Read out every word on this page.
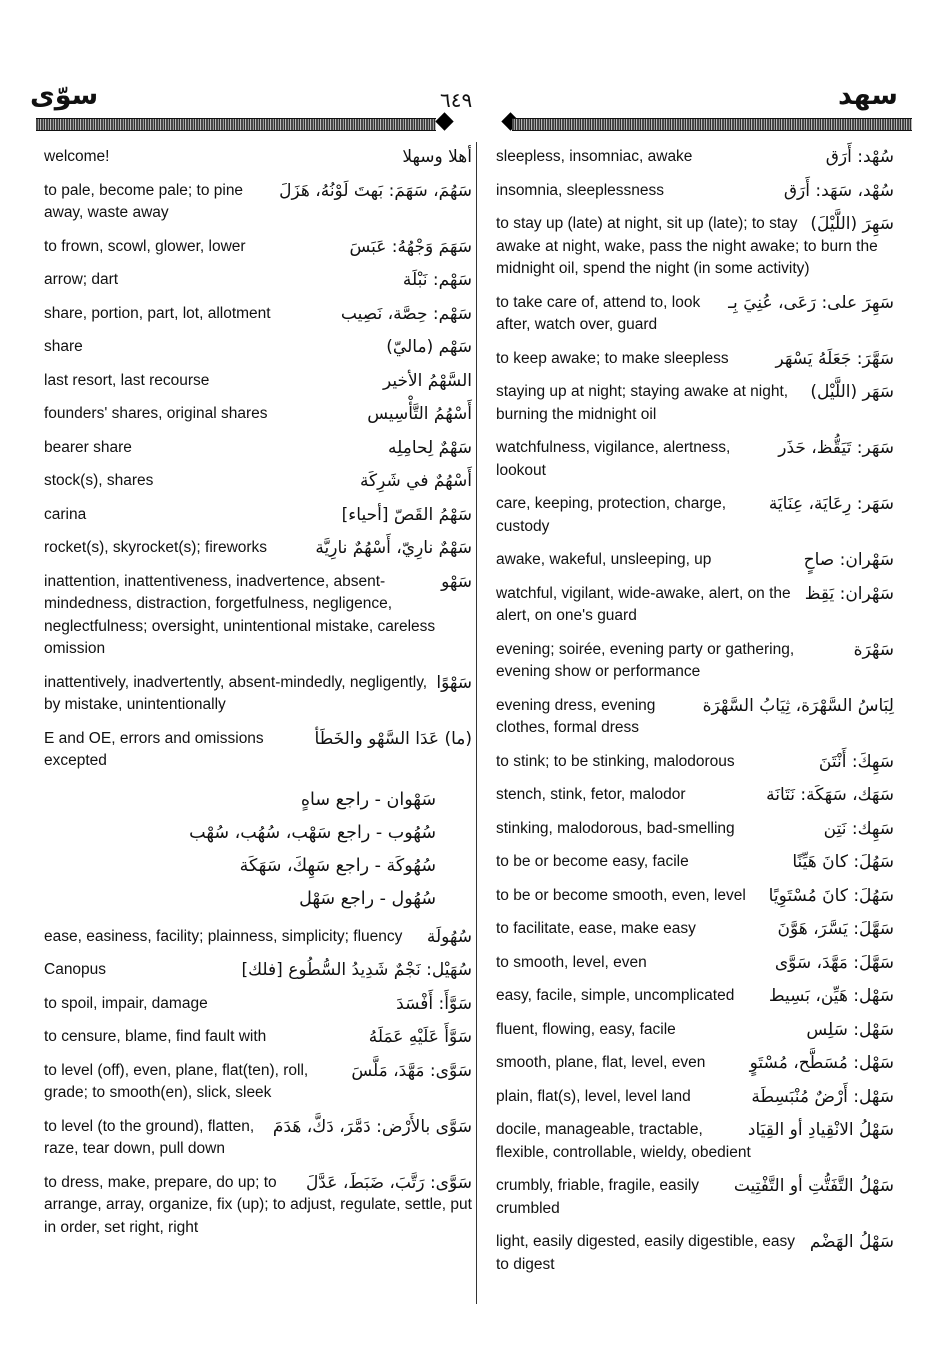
سوّى	٦٤٩	سهد
أهلا وسهلا
welcome!
سَهُمَ، سَهَمَ: بَهتَ لَوْنُهُ، هَزَلَ
to pale, become pale; to pine away, waste away
سَهَمَ وَجْهُهُ: عَبَسَ
to frown, scowl, glower, lower
سَهْم: نَبْلَة
arrow; dart
سَهْم: حِصَّة، نَصِيب
share, portion, part, lot, allotment
سَهْم (ماليّ)
share
السَّهْمُ الأخير
last resort, last recourse
أَسْهُمُ التَّأْسِيس
founders' shares, original shares
سَهْمٌ لِحامِلِه
bearer share
أَسْهُمٌ في شَرِكَة
stock(s), shares
سَهْمُ القَصّ [أحياء]
carina
سَهْمٌ نارِيّ، أَسْهُمٌ نارِيَّة
rocket(s), skyrocket(s); fireworks
سَهْو
inattention, inattentiveness, inadvertence, absent-mindedness, distraction, forgetfulness, negligence, neglectfulness; oversight, unintentional mistake, careless omission
سَهْوًا
inattentively, inadvertently, absent-mindedly, negligently, by mistake, unintentionally
(ما) عَدَا السَّهْو والخَطَأ
E and OE, errors and omissions excepted
سَهْوان - راجع ساهٍ
سُهُوب - راجع سَهْب، سُهُب، سُهْب
سُهُوكَة - راجع سَهِكَ، سَهَكَة
سُهُول - راجع سَهْل
سُهُولَة
ease, easiness, facility; plainness, simplicity; fluency
سُهَيْل: نَجْمٌ شَدِيدُ السُّطُوع [فلك]
Canopus
سَوَّأَ: أَفْسَدَ
to spoil, impair, damage
سَوَّأَ عَلَيْهِ عَمَلَهُ
to censure, blame, find fault with
سَوَّى: مَهَّدَ، مَلَّسَ
to level (off), even, plane, flat(ten), roll, grade; to smooth(en), slick, sleek
سَوَّى بالأَرْض: دَمَّرَ، دَكَّ، هَدَمَ
to level (to the ground), flatten, raze, tear down, pull down
سَوَّى: رَتَّبَ، ضَبَطَ، عَدَّلَ
to dress, make, prepare, do up; to arrange, array, organize, fix (up); to adjust, regulate, settle, put in order, set right, right
سُهْد: أَرَق
sleepless, insomniac, awake
سُهْد، سَهَد: أَرَق
insomnia, sleeplessness
سَهِرَ (اللَّيْلَ)
to stay up (late) at night, sit up (late); to stay awake at night, wake, pass the night awake; to burn the midnight oil, spend the night (in some activity)
سَهِرَ على: رَعَى، عُنِيَ بِـ
to take care of, attend to, look after, watch over, guard
سَهَّرَ: جَعَلَهُ يَسْهَر
to keep awake; to make sleepless
سَهَر (اللَّيْل)
staying up at night; staying awake at night, burning the midnight oil
سَهَر: تَيَقُّظ، حَذَر
watchfulness, vigilance, alertness, lookout
سَهَر: رِعَايَة، عِنَايَة
care, keeping, protection, charge, custody
سَهْران: صاحٍ
awake, wakeful, unsleeping, up
سَهْران: يَقِظ
watchful, vigilant, wide-awake, alert, on the alert, on one's guard
سَهْرَة
evening; soirée, evening party or gathering, evening show or performance
لِبَاسُ السَّهْرَة، ثِيَابُ السَّهْرَة
evening dress, evening clothes, formal dress
سَهِكَ: أَنْتَنَ
to stink; to be stinking, malodorous
سَهَك، سَهَكَة: نَتَانَة
stench, stink, fetor, malodor
سَهِك: نَتِن
stinking, malodorous, bad-smelling
سَهُلَ: كانَ هَيِّنًا
to be or become easy, facile
سَهُلَ: كانَ مُسْتَوِيًا
to be or become smooth, even, level
سَهَّلَ: يَسَّرَ، هَوَّنَ
to facilitate, ease, make easy
سَهَّلَ: مَهَّدَ، سَوَّى
to smooth, level, even
سَهْل: هَيِّن، بَسِيط
easy, facile, simple, uncomplicated
سَهْل: سَلِس
fluent, flowing, easy, facile
سَهْل: مُسَطَّح، مُسْتَوٍ
smooth, plane, flat, level, even
سَهْل: أَرْضٌ مُنْبَسِطَة
plain, flat(s), level, level land
سَهْلُ الانْقِيادِ أو القِيَاد
docile, manageable, tractable, flexible, controllable, wieldy, obedient
سَهْلُ التَّفَتُّتِ أو التَّفْتِيت
crumbly, friable, fragile, easily crumbled
سَهْلُ الهَضْم
light, easily digested, easily digestible, easy to digest
